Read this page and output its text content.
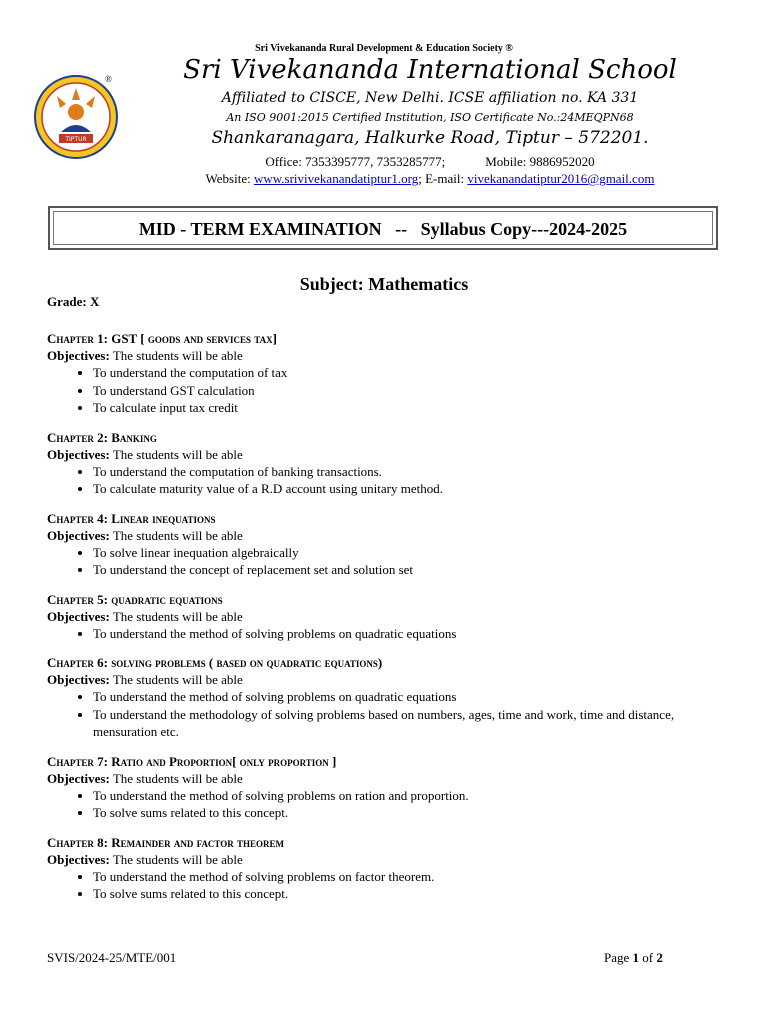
Sri Vivekananda Rural Development & Education Society ®
TIPTUR
®	Sri Vivekananda International School
Affiliated to CISCE, New Delhi. ICSE affiliation no. KA 331
An ISO 9001:2015 Certified Institution, ISO Certificate No.:24MEQPN68
Shankaranagara, Halkurke Road, Tiptur – 572201.
Office: 7353395777, 7353285777;	Mobile: 9886952020
Website: www.srivivekanandatiptur1.org; E-mail: vivekanandatiptur2016@gmail.com
MID - TERM EXAMINATION   --   Syllabus Copy---2024-2025
Subject: Mathematics
Grade: X
Chapter 1: GST [ goods and services tax]
Objectives: The students will be able
• To understand the computation of tax
• To understand GST calculation
• To calculate input tax credit
Chapter 2: Banking
Objectives: The students will be able
• To understand the computation of banking transactions.
• To calculate maturity value of a R.D account using unitary method.
Chapter 4: Linear inequations
Objectives: The students will be able
• To solve linear inequation algebraically
• To understand the concept of replacement set and solution set
Chapter 5: quadratic equations
Objectives: The students will be able
• To understand the method of solving problems on quadratic equations
Chapter 6: solving problems ( based on quadratic equations)
Objectives: The students will be able
• To understand the method of solving problems on quadratic equations
• To understand the methodology of solving problems based on numbers, ages, time and work, time and distance, mensuration etc.
Chapter 7: Ratio and Proportion[ only proportion ]
Objectives: The students will be able
• To understand the method of solving problems on ration and proportion.
• To solve sums related to this concept.
Chapter 8: Remainder and factor theorem
Objectives: The students will be able
• To understand the method of solving problems on factor theorem.
• To solve sums related to this concept.
SVIS/2024-25/MTE/001	Page 1 of 2
